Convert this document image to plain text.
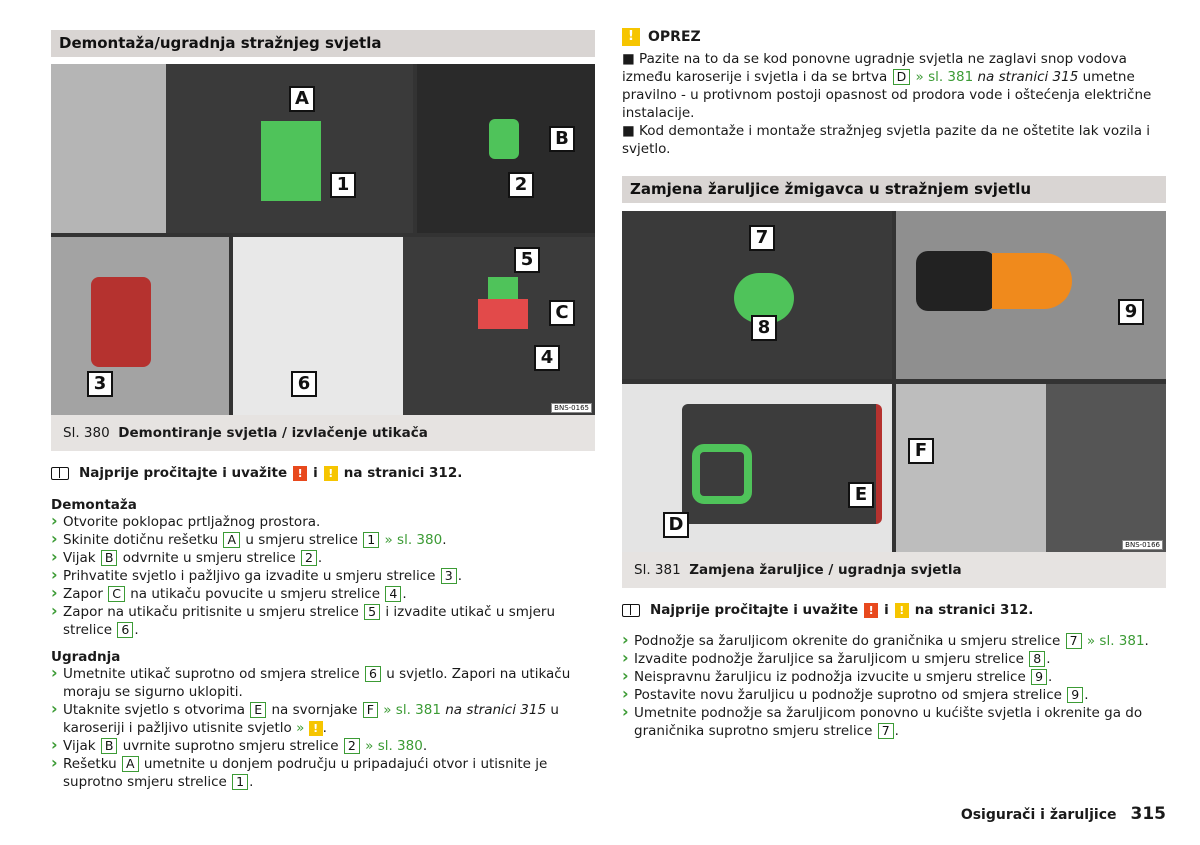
Demontaža/ugradnja stražnjeg svjetla
A
1
B
2
3
5
C
4
6
BNS-0165
Sl. 380 Demontiranje svjetla / izvlačenje utikača
Najprije pročitajte i uvažite ! i ! na stranici 312.
Demontaža
› Otvorite poklopac prtljažnog prostora.
› Skinite dotičnu rešetku A u smjeru strelice 1 » sl. 380.
› Vijak B odvrnite u smjeru strelice 2 .
› Prihvatite svjetlo i pažljivo ga izvadite u smjeru strelice 3 .
› Zapor C na utikaču povucite u smjeru strelice 4 .
› Zapor na utikaču pritisnite u smjeru strelice 5 i izvadite utikač u smjeru strelice 6 .
Ugradnja
› Umetnite utikač suprotno od smjera strelice 6 u svjetlo. Zapori na utikaču moraju se sigurno uklopiti.
› Utaknite svjetlo s otvorima E na svornjake F » sl. 381 na stranici 315 u karoseriji i pažljivo utisnite svjetlo » ! .
› Vijak B uvrnite suprotno smjeru strelice 2 » sl. 380.
› Rešetku A umetnite u donjem području u pripadajući otvor i utisnite je suprotno smjeru strelice 1 .
!	OPREZ

■ Pazite na to da se kod ponovne ugradnje svjetla ne zaglavi snop vodova između karoserije i svjetla i da se brtva D » sl. 381 na stranici 315 umetne pravilno - u protivnom postoji opasnost od prodora vode i oštećenja električne instalacije.

■ Kod demontaže i montaže stražnjeg svjetla pazite da ne oštetite lak vozila i svjetlo.

Zamjena žaruljice žmigavca u stražnjem svjetlu
7
8
9
D
E
F
BNS-0166
Sl. 381 Zamjena žaruljice / ugradnja svjetla
Najprije pročitajte i uvažite ! i ! na stranici 312.
› Podnožje sa žaruljicom okrenite do graničnika u smjeru strelice 7 » sl. 381.
› Izvadite podnožje žaruljice sa žaruljicom u smjeru strelice 8 .
› Neispravnu žaruljicu iz podnožja izvucite u smjeru strelice 9 .
› Postavite novu žaruljicu u podnožje suprotno od smjera strelice 9 .
› Umetnite podnožje sa žaruljicom ponovno u kućište svjetla i okrenite ga do graničnika suprotno smjeru strelice 7 .
Osigurači i žaruljice 315
